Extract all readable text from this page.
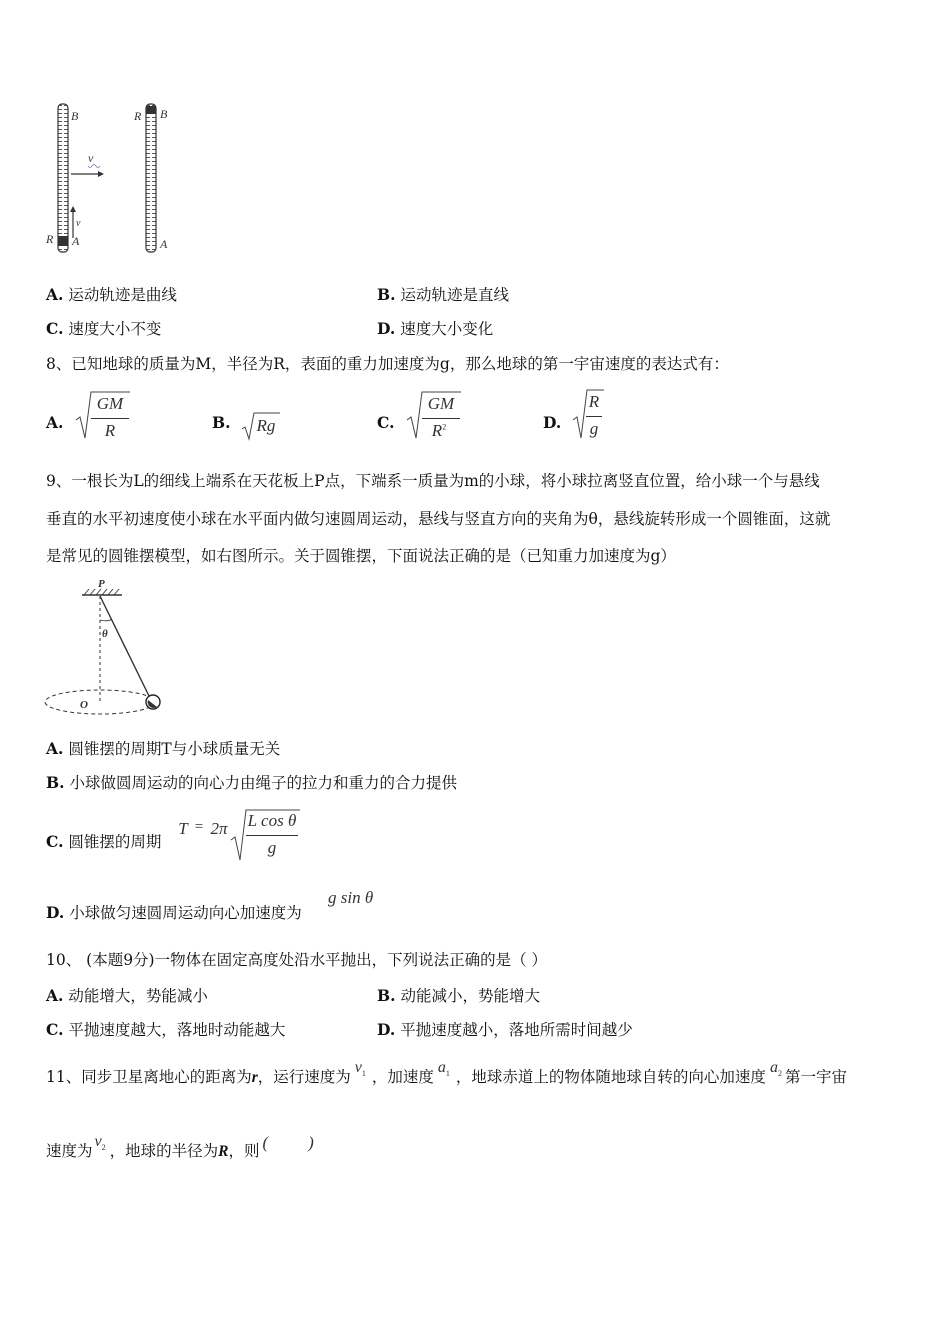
B
A
R
v
v
R B
A
A. 运动轨迹是曲线	B. 运动轨迹是直线
C. 速度大小不变	D. 速度大小变化
8、已知地球的质量为M，半径为R，表面的重力加速度为g，那么地球的第一宇宙速度的表达式有：
A.
GM
R	B. Rg	C.
GM
$R^2$	D.
R
g
9、一根长为L的细线上端系在天花板上P点，下端系一质量为m的小球，将小球拉离竖直位置，给小球一个与悬线
垂直的水平初速度使小球在水平面内做匀速圆周运动，悬线与竖直方向的夹角为θ，悬线旋转形成一个圆锥面，这就
是常见的圆锥摆模型，如右图所示。关于圆锥摆，下面说法正确的是（已知重力加速度为g）
P
θ
O
A. 圆锥摆的周期T与小球质量无关
B. 小球做圆周运动的向心力由绳子的拉力和重力的合力提供
C. 圆锥摆的周期
T = 2π L cos θ
g
D. 小球做匀速圆周运动向心加速度为
g sin θ
10、 (本题9分)一物体在固定高度处沿水平抛出，下列说法正确的是（ ）
A. 动能增大，势能减小	B. 动能减小，势能增大
C. 平抛速度越大，落地时动能越大	D. 平抛速度越小，落地所需时间越少
11、同步卫星离地心的距离为r，运行速度为$v_1$ ，加速度$a_1$ ，地球赤道上的物体随地球自转的向心加速度$a_2$ 第一宇宙
速度为$v_2$ ，地球的半径为R，则 ( )
